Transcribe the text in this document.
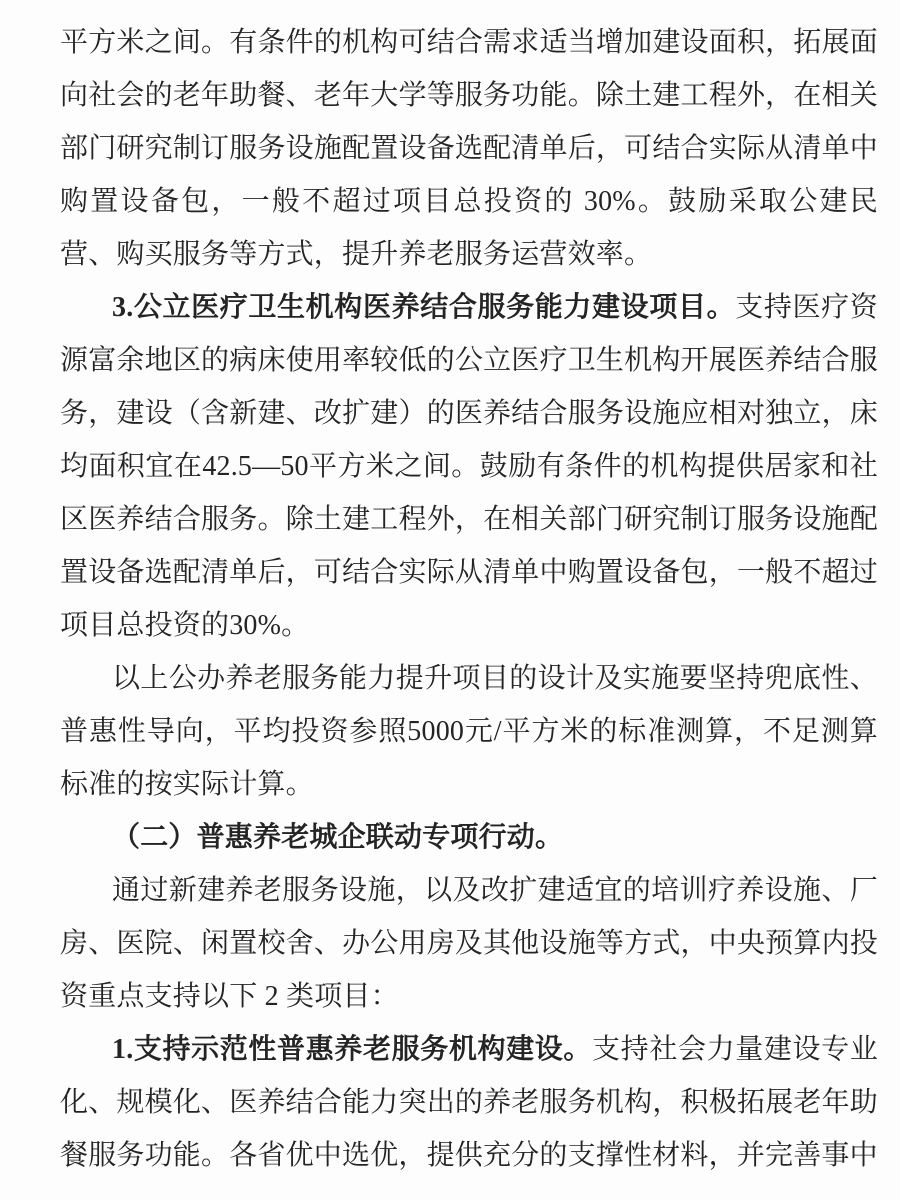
平方米之间。有条件的机构可结合需求适当增加建设面积，拓展面向社会的老年助餐、老年大学等服务功能。除土建工程外，在相关部门研究制订服务设施配置设备选配清单后，可结合实际从清单中购置设备包，一般不超过项目总投资的 30%。鼓励采取公建民营、购买服务等方式，提升养老服务运营效率。

3.公立医疗卫生机构医养结合服务能力建设项目。支持医疗资源富余地区的病床使用率较低的公立医疗卫生机构开展医养结合服务，建设（含新建、改扩建）的医养结合服务设施应相对独立，床均面积宜在42.5—50平方米之间。鼓励有条件的机构提供居家和社区医养结合服务。除土建工程外，在相关部门研究制订服务设施配置设备选配清单后，可结合实际从清单中购置设备包，一般不超过项目总投资的30%。

以上公办养老服务能力提升项目的设计及实施要坚持兜底性、普惠性导向，平均投资参照5000元/平方米的标准测算，不足测算标准的按实际计算。

（二）普惠养老城企联动专项行动。

通过新建养老服务设施，以及改扩建适宜的培训疗养设施、厂房、医院、闲置校舍、办公用房及其他设施等方式，中央预算内投资重点支持以下 2 类项目：

1.支持示范性普惠养老服务机构建设。支持社会力量建设专业化、规模化、医养结合能力突出的养老服务机构，积极拓展老年助餐服务功能。各省优中选优，提供充分的支撑性材料，并完善事中
